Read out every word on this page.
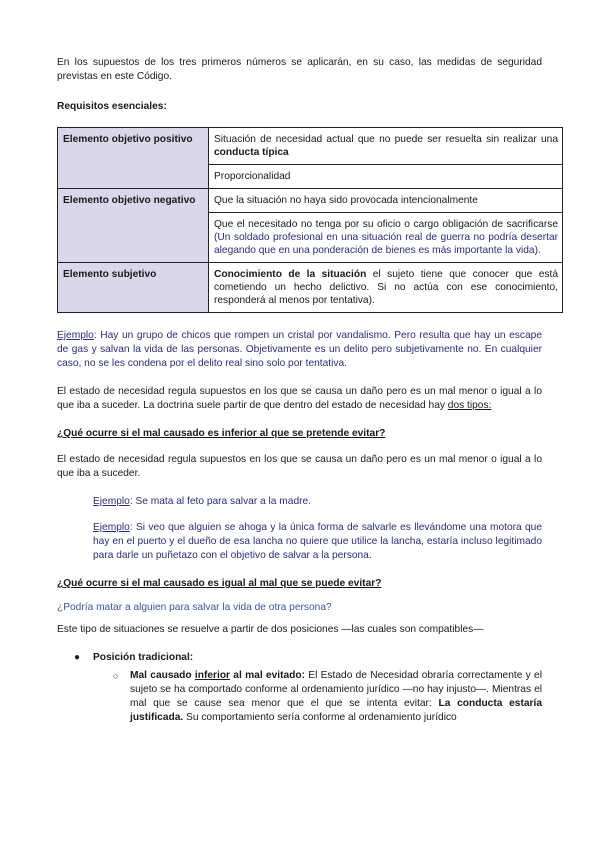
En los supuestos de los tres primeros números se aplicarán, en su caso, las medidas de seguridad previstas en este Código.

Requisitos esenciales:

Elemento objetivo positivo	Situación de necesidad actual que no puede ser resuelta sin realizar una conducta típica
	Proporcionalidad
Elemento objetivo negativo	Que la situación no haya sido provocada intencionalmente
	Que el necesitado no tenga por su oficio o cargo obligación de sacrificarse (Un soldado profesional en una situación real de guerra no podría desertar alegando que en una ponderación de bienes es más importante la vida).
Elemento subjetivo	Conocimiento de la situación el sujeto tiene que conocer que está cometiendo un hecho delictivo. Si no actúa con ese conocimiento, responderá al menos por tentativa).

Ejemplo: Hay un grupo de chicos que rompen un cristal por vandalismo. Pero resulta que hay un escape de gas y salvan la vida de las personas. Objetivamente es un delito pero subjetivamente no. En cualquier caso, no se les condena por el delito real sino solo por tentativa.

El estado de necesidad regula supuestos en los que se causa un daño pero es un mal menor o igual a lo que iba a suceder. La doctrina suele partir de que dentro del estado de necesidad hay dos tipos:

¿Qué ocurre si el mal causado es inferior al que se pretende evitar?

El estado de necesidad regula supuestos en los que se causa un daño pero es un mal menor o igual a lo que iba a suceder.

Ejemplo: Se mata al feto para salvar a la madre.

Ejemplo: Si veo que alguien se ahoga y la única forma de salvarle es llevándome una motora que hay en el puerto y el dueño de esa lancha no quiere que utilice la lancha, estaría incluso legitimado para darle un puñetazo con el objetivo de salvar a la persona.

¿Qué ocurre si el mal causado es igual al mal que se puede evitar?

¿Podría matar a alguien para salvar la vida de otra persona?

Este tipo de situaciones se resuelve a partir de dos posiciones —las cuales son compatibles—

● Posición tradicional:
○ Mal causado inferior al mal evitado: El Estado de Necesidad obraría correctamente y el sujeto se ha comportado conforme al ordenamiento jurídico —no hay injusto—. Mientras el mal que se cause sea menor que el que se intenta evitar: La conducta estaría justificada. Su comportamiento sería conforme al ordenamiento jurídico
